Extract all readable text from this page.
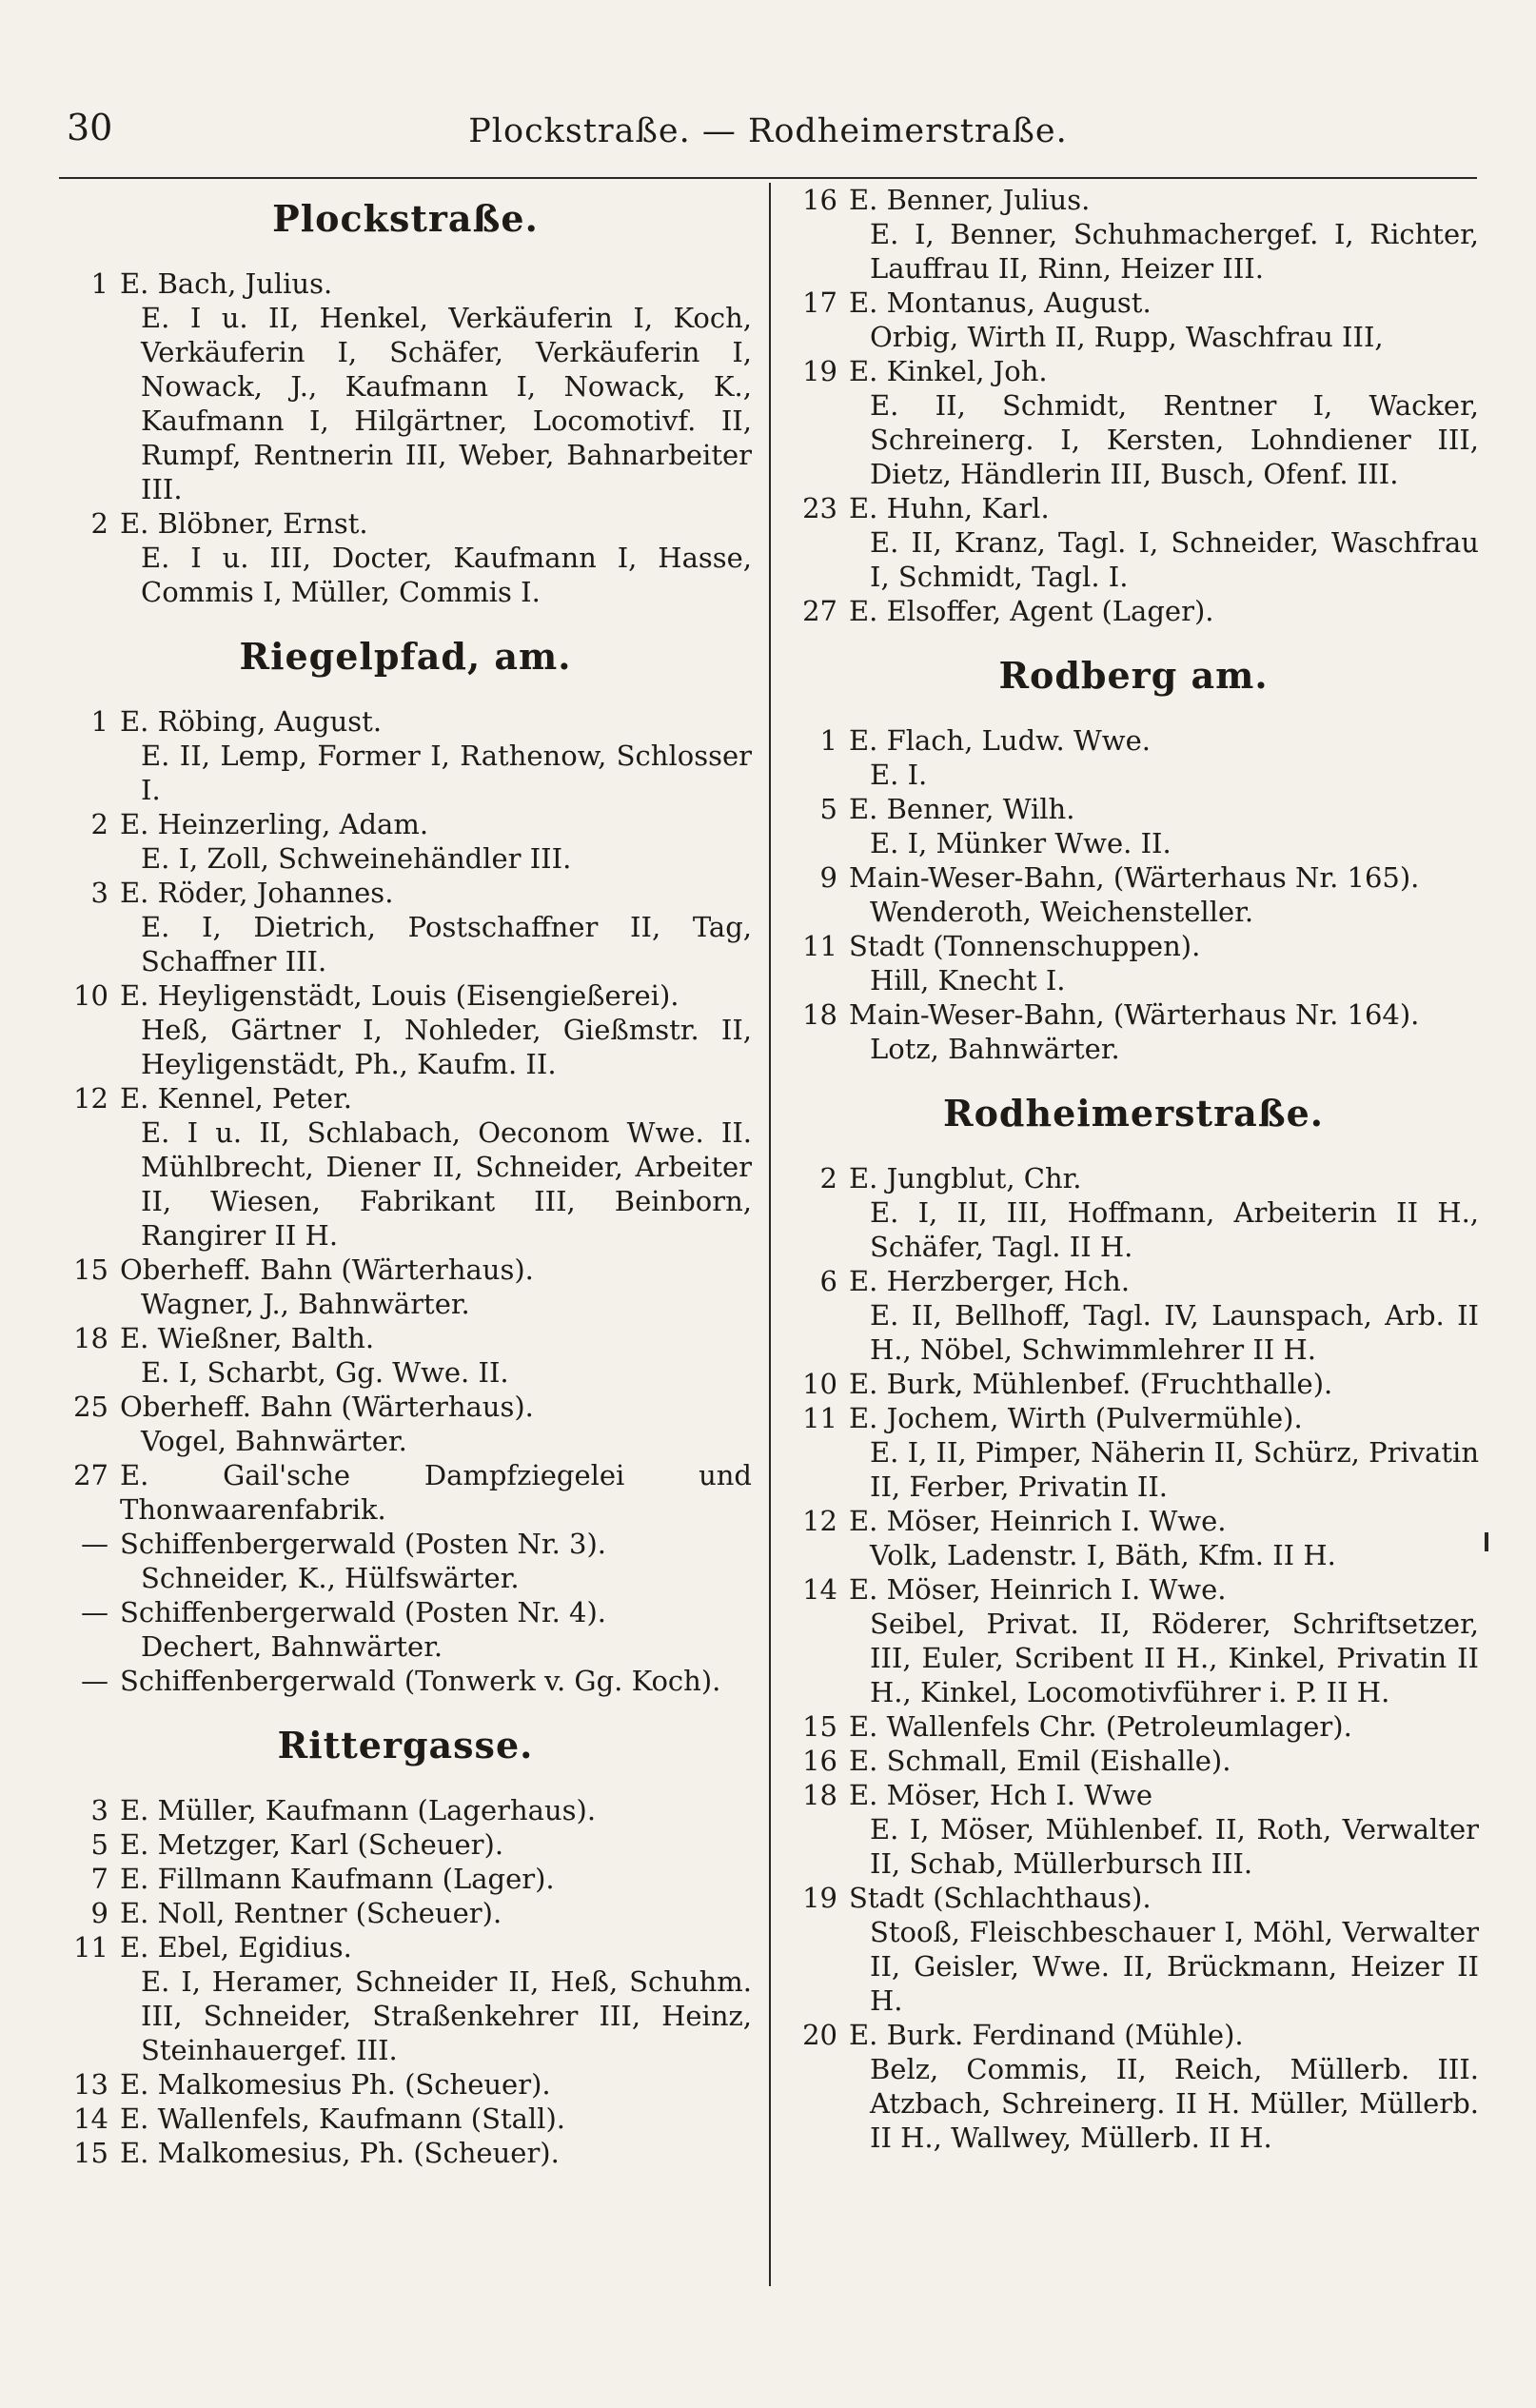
30	Plockstraße. — Rodheimerstraße.
Plockstraße.
1 E. Bach, Julius.
E. I u. II, Henkel, Verkäuferin I, Koch, Verkäuferin I, Schäfer, Verkäuferin I, Nowack, J., Kaufmann I, Nowack, K., Kaufmann I, Hilgärtner, Locomotivf. II, Rumpf, Rentnerin III, Weber, Bahnarbeiter III.
2 E. Blöbner, Ernst.
E. I u. III, Docter, Kaufmann I, Hasse, Commis I, Müller, Commis I.
Riegelpfad, am.
1 E. Röbing, August.
E. II, Lemp, Former I, Rathenow, Schlosser I.
2 E. Heinzerling, Adam.
E. I, Zoll, Schweinehändler III.
3 E. Röder, Johannes.
E. I, Dietrich, Postschaffner II, Tag, Schaffner III.
10 E. Heyligenstädt, Louis (Eisengießerei).
Heß, Gärtner I, Nohleder, Gießmstr. II, Heyligenstädt, Ph., Kaufm. II.
12 E. Kennel, Peter.
E. I u. II, Schlabach, Oeconom Wwe. II. Mühlbrecht, Diener II, Schneider, Arbeiter II, Wiesen, Fabrikant III, Beinborn, Rangirer II H.
15 Oberheff. Bahn (Wärterhaus).
Wagner, J., Bahnwärter.
18 E. Wießner, Balth.
E. I, Scharbt, Gg. Wwe. II.
25 Oberheff. Bahn (Wärterhaus).
Vogel, Bahnwärter.
27 E. Gail'sche Dampfziegelei und Thonwaarenfabrik.
— Schiffenbergerwald (Posten Nr. 3).
Schneider, K., Hülfswärter.
— Schiffenbergerwald (Posten Nr. 4).
Dechert, Bahnwärter.
— Schiffenbergerwald (Tonwerk v. Gg. Koch).
Rittergasse.
3 E. Müller, Kaufmann (Lagerhaus).
5 E. Metzger, Karl (Scheuer).
7 E. Fillmann Kaufmann (Lager).
9 E. Noll, Rentner (Scheuer).
11 E. Ebel, Egidius.
E. I, Heramer, Schneider II, Heß, Schuhm. III, Schneider, Straßenkehrer III, Heinz, Steinhauergef. III.
13 E. Malkomesius Ph. (Scheuer).
14 E. Wallenfels, Kaufmann (Stall).
15 E. Malkomesius, Ph. (Scheuer).
16 E. Benner, Julius.
E. I, Benner, Schuhmachergef. I, Richter, Lauffrau II, Rinn, Heizer III.
17 E. Montanus, August.
Orbig, Wirth II, Rupp, Waschfrau III,
19 E. Kinkel, Joh.
E. II, Schmidt, Rentner I, Wacker, Schreinerg. I, Kersten, Lohndiener III, Dietz, Händlerin III, Busch, Ofenf. III.
23 E. Huhn, Karl.
E. II, Kranz, Tagl. I, Schneider, Waschfrau I, Schmidt, Tagl. I.
27 E. Elsoffer, Agent (Lager).
Rodberg am.
1 E. Flach, Ludw. Wwe.
E. I.
5 E. Benner, Wilh.
E. I, Münker Wwe. II.
9 Main-Weser-Bahn, (Wärterhaus Nr. 165).
Wenderoth, Weichensteller.
11 Stadt (Tonnenschuppen).
Hill, Knecht I.
18 Main-Weser-Bahn, (Wärterhaus Nr. 164).
Lotz, Bahnwärter.
Rodheimerstraße.
2 E. Jungblut, Chr.
E. I, II, III, Hoffmann, Arbeiterin II H., Schäfer, Tagl. II H.
6 E. Herzberger, Hch.
E. II, Bellhoff, Tagl. IV, Launspach, Arb. II H., Nöbel, Schwimmlehrer II H.
10 E. Burk, Mühlenbef. (Fruchthalle).
11 E. Jochem, Wirth (Pulvermühle).
E. I, II, Pimper, Näherin II, Schürz, Privatin II, Ferber, Privatin II.
12 E. Möser, Heinrich I. Wwe.
Volk, Ladenstr. I, Bäth, Kfm. II H.
14 E. Möser, Heinrich I. Wwe.
Seibel, Privat. II, Röderer, Schriftsetzer, III, Euler, Scribent II H., Kinkel, Privatin II H., Kinkel, Locomotivführer i. P. II H.
15 E. Wallenfels Chr. (Petroleumlager).
16 E. Schmall, Emil (Eishalle).
18 E. Möser, Hch I. Wwe
E. I, Möser, Mühlenbef. II, Roth, Verwalter II, Schab, Müllerbursch III.
19 Stadt (Schlachthaus).
Stooß, Fleischbeschauer I, Möhl, Verwalter II, Geisler, Wwe. II, Brückmann, Heizer II H.
20 E. Burk. Ferdinand (Mühle).
Belz, Commis, II, Reich, Müllerb. III. Atzbach, Schreinerg. II H. Müller, Müllerb. II H., Wallwey, Müllerb. II H.
